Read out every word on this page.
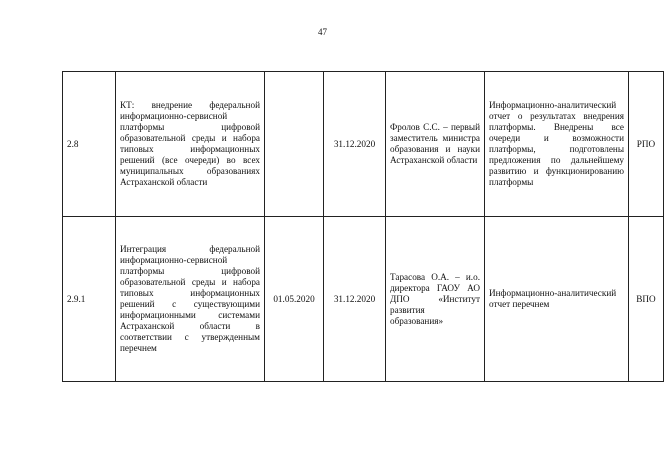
47
2.8	КТ: внедрение федеральной информационно-сервисной платформы цифровой образовательной среды и набора типовых информационных решений (все очереди) во всех муниципальных образованиях Астраханской области		31.12.2020	Фролов С.С. – первый заместитель министра образования и науки Астраханской области	Информационно-аналитический отчет о результатах внедрения платформы. Внедрены все очереди и возможности платформы, подготовлены предложения по дальнейшему развитию и функционированию платформы	РПО
2.9.1	Интеграция федеральной информационно-сервисной платформы цифровой образовательной среды и набора типовых информационных решений с существующими информационными системами Астраханской области в соответствии с утвержденным перечнем	01.05.2020	31.12.2020	Тарасова О.А. – и.о. директора ГАОУ АО ДПО «Институт развития образования»	Информационно-аналитический отчет перечнем	ВПО
